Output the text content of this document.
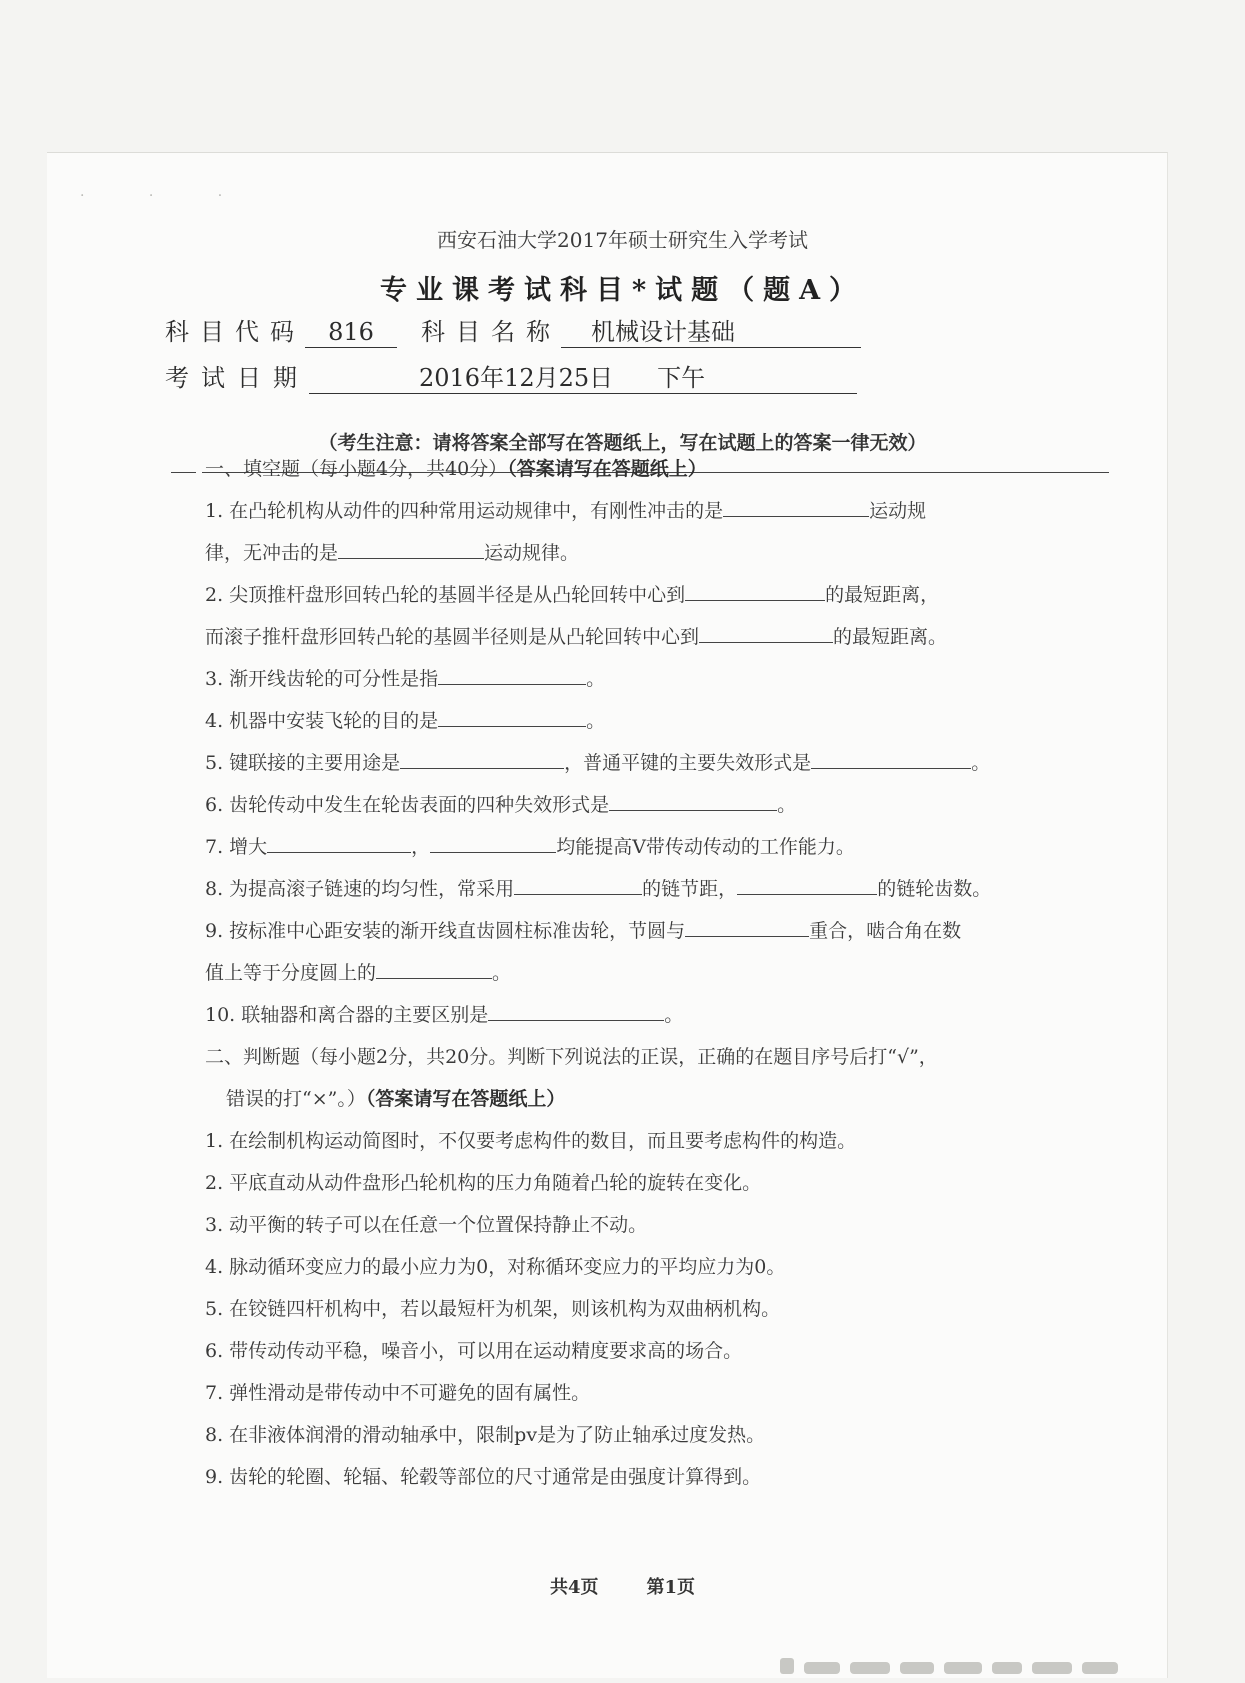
· · ·
西安石油大学2017年硕士研究生入学考试
专业课考试科目*试题（题A）
科目代码 816 科目名称 机械设计基础
考试日期	2016年12月25日 下午
（考生注意：请将答案全部写在答题纸上，写在试题上的答案一律无效）
一、填空题（每小题4分，共40分）（答案请写在答题纸上）
1. 在凸轮机构从动件的四种常用运动规律中，有刚性冲击的是	运动规
律，无冲击的是	运动规律。
2. 尖顶推杆盘形回转凸轮的基圆半径是从凸轮回转中心到	的最短距离，
而滚子推杆盘形回转凸轮的基圆半径则是从凸轮回转中心到	的最短距离。
3. 渐开线齿轮的可分性是指	。
4. 机器中安装飞轮的目的是	。
5. 键联接的主要用途是	，普通平键的主要失效形式是	。
6. 齿轮传动中发生在轮齿表面的四种失效形式是	。
7. 增大	，	均能提高V带传动传动的工作能力。
8. 为提高滚子链速的均匀性，常采用	的链节距，	的链轮齿数。
9. 按标准中心距安装的渐开线直齿圆柱标准齿轮，节圆与	重合，啮合角在数
值上等于分度圆上的	。
10. 联轴器和离合器的主要区别是	。
二、判断题（每小题2分，共20分。判断下列说法的正误，正确的在题目序号后打“√”，
错误的打“×”。）（答案请写在答题纸上）
1. 在绘制机构运动简图时，不仅要考虑构件的数目，而且要考虑构件的构造。
2. 平底直动从动件盘形凸轮机构的压力角随着凸轮的旋转在变化。
3. 动平衡的转子可以在任意一个位置保持静止不动。
4. 脉动循环变应力的最小应力为0，对称循环变应力的平均应力为0。
5. 在铰链四杆机构中，若以最短杆为机架，则该机构为双曲柄机构。
6. 带传动传动平稳，噪音小，可以用在运动精度要求高的场合。
7. 弹性滑动是带传动中不可避免的固有属性。
8. 在非液体润滑的滑动轴承中，限制pv是为了防止轴承过度发热。
9. 齿轮的轮圈、轮辐、轮毂等部位的尺寸通常是由强度计算得到。
共4页	第1页
